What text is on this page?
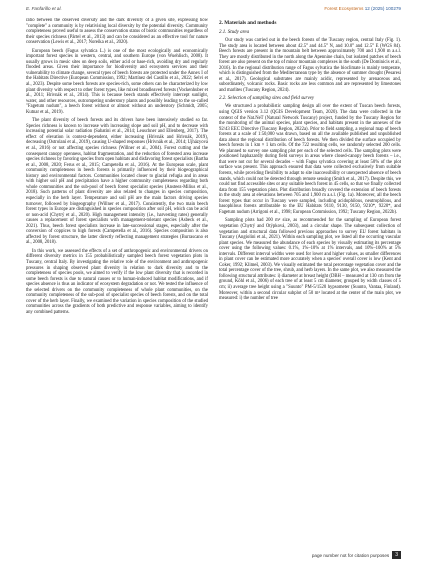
E. Fanfarillo et al.	Forest Ecosystems 12 (2025) 100279

ratio between the observed diversity and the dark diversity of a given site, expressing how "complete" a community is by relativising local diversity by the potential diversity. Community completeness proved useful to assess the conservation status of biotic communities regardless of their species richness (Pärtel et al., 2013) and can be considered as an effective tool for nature conservation (Lewis et al., 2017; Noreika et al., 2020).

European beech (Fagus sylvatica L.) is one of the most ecologically and economically important forest species in western, central, and southern Europe (von Wuehlisch, 2008). It usually grows in mesic sites on deep soils, either acid or base-rich, avoiding dry and regularly flooded areas. Given their importance for biodiversity and ecosystem services and their vulnerability to climate change, several types of beech forests are protected under the Annex I of the Habitats Directive (European Commission, 1992; Martínez del Castillo et al., 2022; Selvi et al., 2023). Despite some beech forests are species-rich, some others can be characterized by low plant diversity with respect to other forest types, like mixed broadleaved forests (Vockenhuber et al., 2011; Hrivnák et al., 2014). This is because beech stands effectively intercept sunlight, water, and other resources, outcompeting understory plants and possibly leading to the so-called "Fagetum nudum", a beech forest without or almost without an understory (Schmidt, 2005; Kutnar et al., 2019).

The plant diversity of beech forests and its drivers have been intensively studied so far. Species richness is known to increase with increasing slope and soil pH, and to decrease with increasing potential solar radiation (Sabatini et al., 2014; Leuschner and Ellenberg, 2017). The effect of elevation is context-dependent, either increasing (Hrivnák and Hrivnák, 2019), decreasing (Ostrolaní et al., 2019), causing U-shaped responses (Hrivnák et al., 2014; Ujházyová et al., 2016) or not affecting species richness (Willner et al., 2004). Forest cutting and the consequent canopy openness, habitat fragmentation, and the reduction of forested area increase species richness by favoring species from open habitats and disfavoring forest specialists (Bartha et al., 2008, 2020; Ferus et al., 2015; Campetella et al., 2016). At the European scale, plant community completeness in beech forests is primarily influenced by their biogeographical history and environmental factors. Communities located closer to glacial refugia and in areas with higher soil pH and precipitation have a higher community completeness regarding both whole communities and the sub-pool of beech forest specialist species (Ansteez-Milius et al., 2018). Such patterns of plant diversity are also related to changes in species composition, especially in the herb layer. Temperature and soil pH are the main factors driving species turnover, followed by biogeography (Willner et al., 2017). Consistently, the two main beech forest types in Europe are distinguished in species composition after soil pH, which can be acid or non-acid (Chytrý et al., 2020). High management intensity (i.e., harvesting rates) generally causes a replacement of forest specialists with management-tolerant species (Asbeck et al., 2021). Thus, beech forest specialists increase in late-successional stages, especially after the conversion of coppices to high forests (Campetella et al., 2016). Species composition is also affected by forest structure, the latter directly reflecting management strategies (Burrascano et al., 2008, 2018).

In this work, we assessed the effects of a set of anthropogenic and environmental drivers on different diversity metrics in 155 probabilistically sampled beech forest vegetation plots in Tuscany, central Italy. By investigating the relative role of the environment and anthropogenic pressures in shaping observed plant diversity in relation to dark diversity and to the completeness of species pools, we aimed to verify if the low plant diversity that is recorded in some beech forests is due to natural causes or to human-induced habitat modifications, and if species absence is thus an indicator of ecosystem degradation or not. We tested the influence of the selected drivers on the community completeness of whole plant communities, on the community completeness of the sub-pool of specialist species of beech forests, and on the total cover of the herb layer. Finally, we examined the variation in species composition of the studied communities across the gradients of both predictive and response variables, aiming to identify any combined patterns.

2. Materials and methods
2.1. Study area

Our study was carried out in the beech forests of the Tuscany region, central Italy (Fig. 1). The study area is located between about 42.5° and 44.5° N, and 10.0° and 12.5° E (WGS 84). Beech forests are present in the mountain belt between approximately 700 and 1,900 m a.s.l. They are mostly distributed in the north along the Apennine chain, but isolated patches of beech forest are also present on the top of minor mountain complexes in the south (De Dominicis et al., 2016). In the regional distribution range of Fagus sylvatica the bioclimate is mainly temperate, which is distinguished from the Mediterranean type by the absence of summer drought (Pesaresi et al., 2017). Geological substrates are mainly acidic, represented by arenaceous and, subordinately, volcanic rocks. Basic rocks are less common and are represented by limestones and marlites (Tuscany Region, 2024).

2.2. Selection of sampling sites and field survey

We structured a probabilistic sampling design all over the extent of Tuscan beech forests, using QGIS version 3.12 (QGIS Development Team, 2020). The data were collected in the context of the Nat.NeT (Natural Network Tuscany) project, funded by the Tuscany Region for the monitoring of the animal species, plant species, and habitats present in the annexes of the 92/43 EEC Directive (Tuscany Region, 2022a). Prior to field sampling, a regional map of beech forests at a scale of 1:50,000 was drawn, based on all the available published and unpublished data about the regional distribution of beech forests. We then divided the surface occupied by beech forests in 1 km × 1 km cells. Of the 722 resulting cells, we randomly selected 200 cells. We planned to survey one sampling plot per each of the selected cells. The sampling plots were positioned haphazardly during field surveys in areas where closed-canopy beech forests – i.e., that were not cut for several decades – with Fagus sylvatica covering at least 50% of the plot surface was present. This approach ensured that data were collected exclusively from suitable forests, while providing flexibility to adapt to site inaccessibility or unexpected absence of beech stands, which could not be detected through remote sensing (Smith et al., 2017). Despite this, we could not find accessible sites or any suitable beech forest in 45 cells, so that we finally collected data from 155 vegetation plots. Plot distribution broadly covered the extension of beech forests in the study area at elevations between 705 and 1,900 m a.s.l. (Fig. 1a). Moreover, all the beech forest types that occur in Tuscany were sampled, including acidophilous, neutrophilous, and basophilous forests attributable to the EU Habitats 9110, 9130, 9150, 9210*, 9220*, and Fagetum nudum (Arrigoni et al., 1998; European Commission, 1992; Tuscany Region, 2022b).

Sampling plots had 200 m² size, as recommended for the sampling of European forest vegetation (Chytrý and Otýpková, 2003), and a circular shape. The subsequent collection of vegetation and structural data followed previous approaches to survey EU forest habitats in Tuscany (Angiolini et al., 2021). Within each sampling plot, we listed all the occurring vascular plant species. We measured the abundance of each species by visually estimating its percentage cover using the following values: 0.1%, 1%–10% at 1% intervals, and 10%–100% at 5% intervals. Different interval widths were used for lower and higher values, as smaller differences in plant cover can be estimated more accurately when a species' overall cover is low (Kent and Coker, 1992; Klimeš, 2003). We visually estimated the total percentage vegetation cover and the total percentage cover of the tree, shrub, and herb layers. In the same plot, we also measured the following structural attributes: i) diameter at breast height (DBH – measured at 130 cm from the ground, Köhl et al., 2006) of each tree of at least 5 cm diameter, grouped by width classes of 5 cm; ii) average tree height using a "Suunto" PM-5/1520 hypsometer (Suunto, Vantaa, Finland). Moreover, within a second circular subplot of 50 m² located at the center of the main plot, we measured: i) the number of tree

page number not for citation purposes	3
